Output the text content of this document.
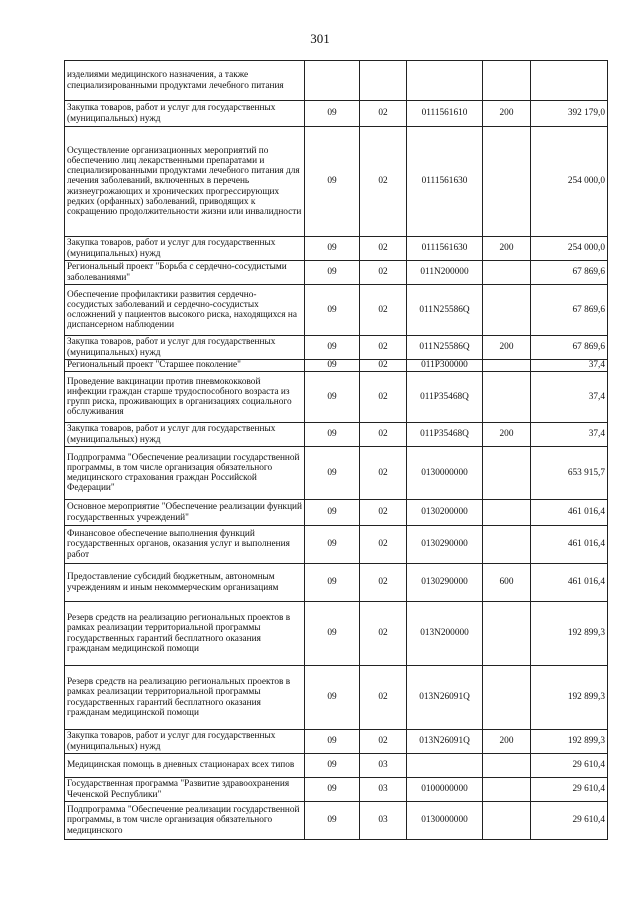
301
изделиями медицинского назначения, а также специализированными продуктами лечебного питания					
Закупка товаров, работ и услуг для государственных (муниципальных) нужд	09	02	0111561610	200	392 179,0
Осуществление организационных мероприятий по обеспечению лиц лекарственными препаратами и специализированными продуктами лечебного питания для лечения заболеваний, включенных в перечень жизнеугрожающих и хронических прогрессирующих редких (орфанных) заболеваний, приводящих к сокращению продолжительности жизни или инвалидности	09	02	0111561630		254 000,0
Закупка товаров, работ и услуг для государственных (муниципальных) нужд	09	02	0111561630	200	254 000,0
Региональный проект "Борьба с сердечно-сосудистыми заболеваниями"	09	02	011N200000		67 869,6
Обеспечение профилактики развития сердечно-сосудистых заболеваний и сердечно-сосудистых осложнений у пациентов высокого риска, находящихся на диспансерном наблюдении	09	02	011N25586Q		67 869,6
Закупка товаров, работ и услуг для государственных (муниципальных) нужд	09	02	011N25586Q	200	67 869,6
Региональный проект "Старшее поколение"	09	02	011P300000		37,4
Проведение вакцинации против пневмококковой инфекции граждан старше трудоспособного возраста из групп риска, проживающих в организациях социального обслуживания	09	02	011P35468Q		37,4
Закупка товаров, работ и услуг для государственных (муниципальных) нужд	09	02	011P35468Q	200	37,4
Подпрограмма "Обеспечение реализации государственной программы, в том числе организация обязательного медицинского страхования граждан Российской Федерации"	09	02	0130000000		653 915,7
Основное мероприятие "Обеспечение реализации функций государственных учреждений"	09	02	0130200000		461 016,4
Финансовое обеспечение выполнения функций государственных органов, оказания услуг и выполнения работ	09	02	0130290000		461 016,4
Предоставление субсидий бюджетным, автономным учреждениям и иным некоммерческим организациям	09	02	0130290000	600	461 016,4
Резерв средств на реализацию региональных проектов в рамках реализации территориальной программы государственных гарантий бесплатного оказания гражданам медицинской помощи	09	02	013N200000		192 899,3
Резерв средств на реализацию региональных проектов в рамках реализации территориальной программы государственных гарантий бесплатного оказания гражданам медицинской помощи	09	02	013N26091Q		192 899,3
Закупка товаров, работ и услуг для государственных (муниципальных) нужд	09	02	013N26091Q	200	192 899,3
Медицинская помощь в дневных стационарах всех типов	09	03			29 610,4
Государственная программа "Развитие здравоохранения Чеченской Республики"	09	03	0100000000		29 610,4
Подпрограмма "Обеспечение реализации государственной программы, в том числе организация обязательного медицинского	09	03	0130000000		29 610,4
